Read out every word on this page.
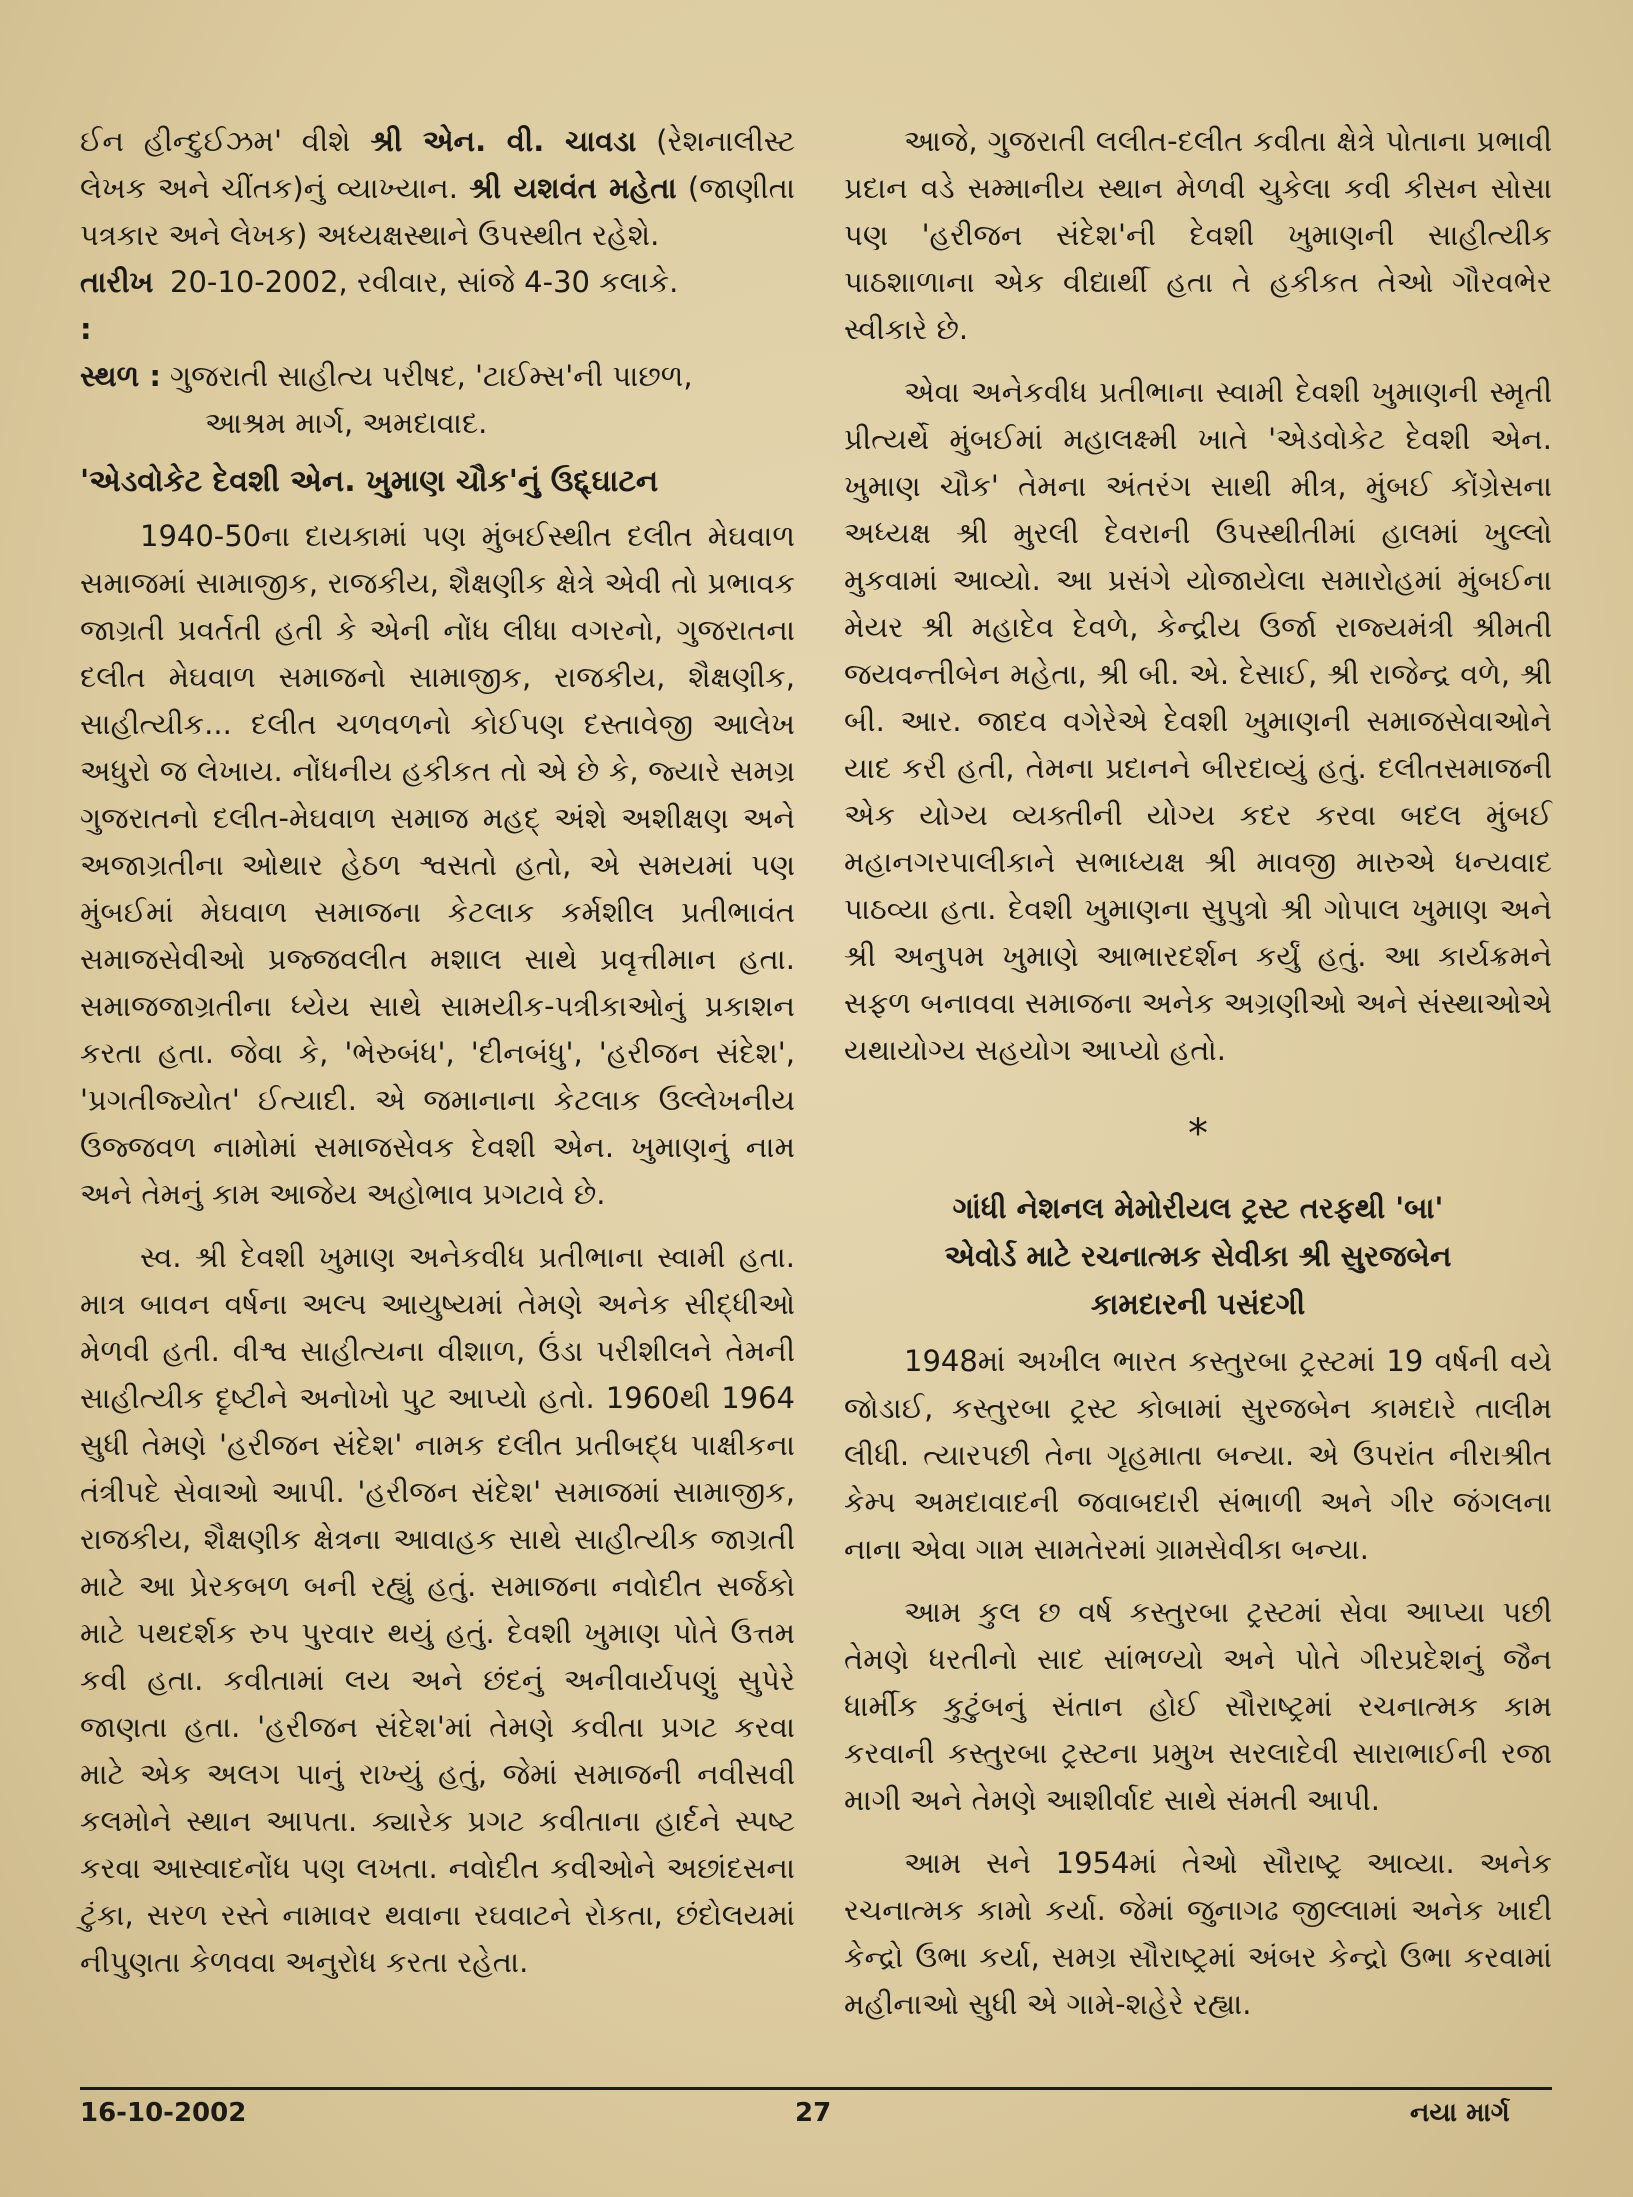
ઈન હીન્દુઈઝમ' વીશે શ્રી એન. વી. ચાવડા (રેશનાલીસ્ટ લેખક અને ચીંતક)નું વ્યાખ્યાન. શ્રી યશવંત મહેતા (જાણીતા પત્રકાર અને લેખક) અધ્યક્ષસ્થાને ઉપસ્થીત રહેશે.

તારીખ :
20-10-2002, રવીવાર, સાંજે 4-30 કલાકે.
સ્થળ : ગુજરાતી સાહીત્ય પરીષદ, 'ટાઈમ્સ'ની પાછળ,
આશ્રમ માર્ગ, અમદાવાદ.
'એડવોકેટ દેવશી એન. ખુમાણ ચૌક'નું ઉદ્દ્ઘાટન

1940-50ના દાયકામાં પણ મુંબઈસ્થીત દલીત મેઘવાળ સમાજમાં સામાજીક, રાજકીય, શૈક્ષણીક ક્ષેત્રે એવી તો પ્રભાવક જાગ્રતી પ્રવર્તતી હતી કે એની નોંધ લીધા વગરનો, ગુજરાતના દલીત મેઘવાળ સમાજનો સામાજીક, રાજકીય, શૈક્ષણીક, સાહીત્યીક... દલીત ચળવળનો કોઈપણ દસ્તાવેજી આલેખ અધુરો જ લેખાય. નોંધનીય હકીકત તો એ છે કે, જ્યારે સમગ્ર ગુજરાતનો દલીત-મેઘવાળ સમાજ મહદ્ અંશે અશીક્ષણ અને અજાગ્રતીના ઓથાર હેઠળ શ્વસતો હતો, એ સમયમાં પણ મુંબઈમાં મેઘવાળ સમાજના કેટલાક કર્મશીલ પ્રતીભાવંત સમાજસેવીઓ પ્રજ્જવલીત મશાલ સાથે પ્રવૃત્તીમાન હતા. સમાજજાગ્રતીના ધ્યેય સાથે સામયીક-પત્રીકાઓનું પ્રકાશન કરતા હતા. જેવા કે, 'ભેરુબંધ', 'દીનબંધુ', 'હરીજન સંદેશ', 'પ્રગતીજ્યોત' ઈત્યાદી. એ જમાનાના કેટલાક ઉલ્લેખનીય ઉજ્જવળ નામોમાં સમાજસેવક દેવશી એન. ખુમાણનું નામ અને તેમનું કામ આજેય અહોભાવ પ્રગટાવે છે.

સ્વ. શ્રી દેવશી ખુમાણ અનેકવીધ પ્રતીભાના સ્વામી હતા. માત્ર બાવન વર્ષના અલ્પ આયુષ્યમાં તેમણે અનેક સીદ્ધીઓ મેળવી હતી. વીશ્વ સાહીત્યના વીશાળ, ઉંડા પરીશીલને તેમની સાહીત્યીક દૃષ્ટીને અનોખો પુટ આપ્યો હતો. 1960થી 1964 સુધી તેમણે 'હરીજન સંદેશ' નામક દલીત પ્રતીબદ્ધ પાક્ષીકના તંત્રીપદે સેવાઓ આપી. 'હરીજન સંદેશ' સમાજમાં સામાજીક, રાજકીય, શૈક્ષણીક ક્ષેત્રના આવાહક સાથે સાહીત્યીક જાગ્રતી માટે આ પ્રેરકબળ બની રહ્યું હતું. સમાજના નવોદીત સર્જકો માટે પથદર્શક રુપ પુરવાર થયું હતું. દેવશી ખુમાણ પોતે ઉત્તમ કવી હતા. કવીતામાં લય અને છંદનું અનીવાર્યપણું સુપેરે જાણતા હતા. 'હરીજન સંદેશ'માં તેમણે કવીતા પ્રગટ કરવા માટે એક અલગ પાનું રાખ્યું હતું, જેમાં સમાજની નવીસવી કલમોને સ્થાન આપતા. ક્યારેક પ્રગટ કવીતાના હાર્દને સ્પષ્ટ કરવા આસ્વાદનોંધ પણ લખતા. નવોદીત કવીઓને અછાંદસના ટુંકા, સરળ રસ્તે નામાવર થવાના રઘવાટને રોકતા, છંદોલયમાં નીપુણતા કેળવવા અનુરોધ કરતા રહેતા.

આજે, ગુજરાતી લલીત-દલીત કવીતા ક્ષેત્રે પોતાના પ્રભાવી પ્રદાન વડે સમ્માનીય સ્થાન મેળવી ચુકેલા કવી કીસન સોસા પણ 'હરીજન સંદેશ'ની દેવશી ખુમાણની સાહીત્યીક પાઠશાળાના એક વીદ્યાર્થી હતા તે હકીકત તેઓ ગૌરવભેર સ્વીકારે છે.

એવા અનેકવીધ પ્રતીભાના સ્વામી દેવશી ખુમાણની સ્મૃતી પ્રીત્યર્થે મુંબઈમાં મહાલક્ષ્મી ખાતે 'એડવોકેટ દેવશી એન. ખુમાણ ચૌક' તેમના અંતરંગ સાથી મીત્ર, મુંબઈ કોંગ્રેસના અધ્યક્ષ શ્રી મુરલી દેવરાની ઉપસ્થીતીમાં હાલમાં ખુલ્લો મુકવામાં આવ્યો. આ પ્રસંગે યોજાયેલા સમારોહમાં મુંબઈના મેયર શ્રી મહાદેવ દેવળે, કેન્દ્રીય ઉર્જા રાજ્યમંત્રી શ્રીમતી જયવન્તીબેન મહેતા, શ્રી બી. એ. દેસાઈ, શ્રી રાજેન્દ્ર વળે, શ્રી બી. આર. જાદવ વગેરેએ દેવશી ખુમાણની સમાજસેવાઓને યાદ કરી હતી, તેમના પ્રદાનને બીરદાવ્યું હતું. દલીતસમાજની એક યોગ્ય વ્યક્તીની યોગ્ય કદર કરવા બદલ મુંબઈ મહાનગરપાલીકાને સભાધ્યક્ષ શ્રી માવજી મારુએ ધન્યવાદ પાઠવ્યા હતા. દેવશી ખુમાણના સુપુત્રો શ્રી ગોપાલ ખુમાણ અને શ્રી અનુપમ ખુમાણે આભારદર્શન કર્યું હતું. આ કાર્યક્રમને સફળ બનાવવા સમાજના અનેક અગ્રણીઓ અને સંસ્થાઓએ યથાયોગ્ય સહયોગ આપ્યો હતો.

*
ગાંધી નેશનલ મેમોરીયલ ટ્રસ્ટ તરફથી 'બા'
એવોર્ડ માટે રચનાત્મક સેવીકા શ્રી સુરજબેન
કામદારની પસંદગી

1948માં અખીલ ભારત કસ્તુરબા ટ્રસ્ટમાં 19 વર્ષની વયે જોડાઈ, કસ્તુરબા ટ્રસ્ટ કોબામાં સુરજબેન કામદારે તાલીમ લીધી. ત્યારપછી તેના ગૃહમાતા બન્યા. એ ઉપરાંત નીરાશ્રીત કેમ્પ અમદાવાદની જવાબદારી સંભાળી અને ગીર જંગલના નાના એવા ગામ સામતેરમાં ગ્રામસેવીકા બન્યા.

આમ કુલ છ વર્ષ કસ્તુરબા ટ્રસ્ટમાં સેવા આપ્યા પછી તેમણે ધરતીનો સાદ સાંભળ્યો અને પોતે ગીરપ્રદેશનું જૈન ધાર્મીક કુટુંબનું સંતાન હોઈ સૌરાષ્ટ્રમાં રચનાત્મક કામ કરવાની કસ્તુરબા ટ્રસ્ટના પ્રમુખ સરલાદેવી સારાભાઈની રજા માગી અને તેમણે આશીર્વાદ સાથે સંમતી આપી.

આમ સને 1954માં તેઓ સૌરાષ્ટ્ર આવ્યા. અનેક રચનાત્મક કામો કર્યા. જેમાં જુનાગઢ જીલ્લામાં અનેક ખાદી કેન્દ્રો ઉભા કર્યા, સમગ્ર સૌરાષ્ટ્રમાં અંબર કેન્દ્રો ઉભા કરવામાં મહીનાઓ સુધી એ ગામે-શહેરે રહ્યા.

16-10-2002	27	નયા માર્ગ
